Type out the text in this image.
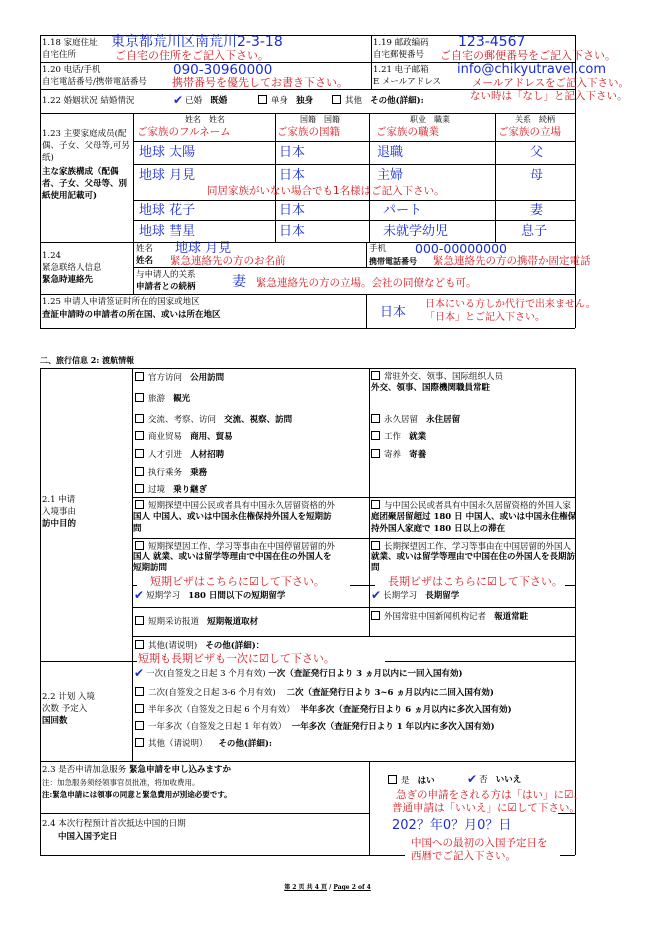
1.18 家庭住址
自宅住所
東京都荒川区南荒川2-3-18
ご自宅の住所をご記入下さい。
1.19 邮政编码
自宅郵便番号
123-4567
ご自宅の郵便番号をご記入下さい。
1.20 电话/手机
自宅電話番号/携帯電話番号
090-30960000
携帯番号を優先してお書き下さい。
1.21 电子邮箱
E メールアドレス
info@chikyutravel.com
メールアドレスをご記入下さい。
ない時は「なし」と記入下さい。
1.22 婚姻状况 結婚情況	✔ 已婚 既婚	单身 独身	其他 その他(詳細):
1.23 主要家庭成员(配偶、子女、父母等,可另纸)
主な家族構成（配偶者、子女、父母等、別紙使用記載可)
姓名　姓名
ご家族のフルネーム
国籍　国籍
ご家族の国籍
职业　職業
ご家族の職業
关系　続柄
ご家族の立場
地球 太陽	日本	退職	父
地球 月見	日本	主婦	母
同居家族がいない場合でも1名様はご記入下さい。
地球 花子	日本	パート	妻
地球 彗星	日本	未就学幼児	息子
1.24
紧急联络人信息
緊急時連絡先
姓名
姓名
地球 月見
緊急連絡先の方のお名前
手机
携帯電話番号
000-00000000
緊急連絡先の方の携帯か固定電話
与申请人的关系
申請者との続柄	妻 緊急連絡先の方の立場。会社の同僚なども可。
1.25 申请人申请签证时所在的国家或地区
査証申請時の申請者の所在国、或いは所在地区	日本
日本にいる方しか代行で出来ません。
「日本」とご記入下さい。
二、旅行信息 2: 渡航情報
2.1 申请
入境事由
訪中目的
官方访问 公用訪問
旅游 観光
交流、考察、访问 交流、視察、訪問
商业贸易 商用、貿易
人才引进 人材招聘
执行乘务 乗務
过境 乗り継ぎ
常驻外交、领事、国际组织人员
外交、領事、国際機関職員常駐
永久居留 永住居留
工作 就業
寄养 寄養
短期探望中国公民或者具有中国永久居留资格的外
国人 中国人、或いは中国永住権保持外国人を短期訪
問
与中国公民或者具有中国永久居留资格的外国人家
庭团聚居留超过 180 日 中国人、或いは中国永住権保
持外国人家庭で 180 日以上の滞在
短期探望因工作、学习等事由在中国停留居留的外
国人 就業、或いは留学等理由で中国在住の外国人を
短期訪問
长期探望因工作、学习等事由在中国居留的外国人
就業、或いは留学等理由で中国在住の外国人を長期訪
問
短期ビザはこちらに☑して下さい。	長期ビザはこちらに☑して下さい。
✔ 短期学习 180 日間以下の短期留学	✔ 长期学习 長期留学
短期采访报道 短期報道取材	外国常驻中国新闻机构记者 報道常駐
其他(请说明) その他(詳細)：
短期も長期ビザも一次に☑して下さい。
2.2 计划 入境
次数 予定入
国回数
✔ 一次(自签发之日起 3 个月有效) 一次（査証発行日より 3 ヵ月以内に一回入国有効)
二次(自签发之日起 3-6 个月有效) 二次（査証発行日より 3~6 ヵ月以内に二回入国有効)
半年多次（自签发之日起 6 个月有效） 半年多次（査証発行日より 6 ヵ月以内に多次入国有効)
一年多次（自签发之日起 1 年有效） 一年多次（査証発行日より 1 年以内に多次入国有効)
其他（请说明） その他(詳細):
2.3 是否申请加急服务 緊急申請を申し込みますか
注：加急服务须经领事官员批准，将加收费用。
注:緊急申請には領事の同意と緊急費用が別途必要です。
是 はい	✔ 否 いいえ
急ぎの申請をされる方は「はい」に☑、
普通申請は「いいえ」に☑して下さい。
2.4 本次行程预计首次抵达中国的日期
中国入国予定日
202？年0？月0？日
中国への最初の入国予定日を
西暦でご記入下さい。
第 2 页 共 4 页 / Page 2 of 4
